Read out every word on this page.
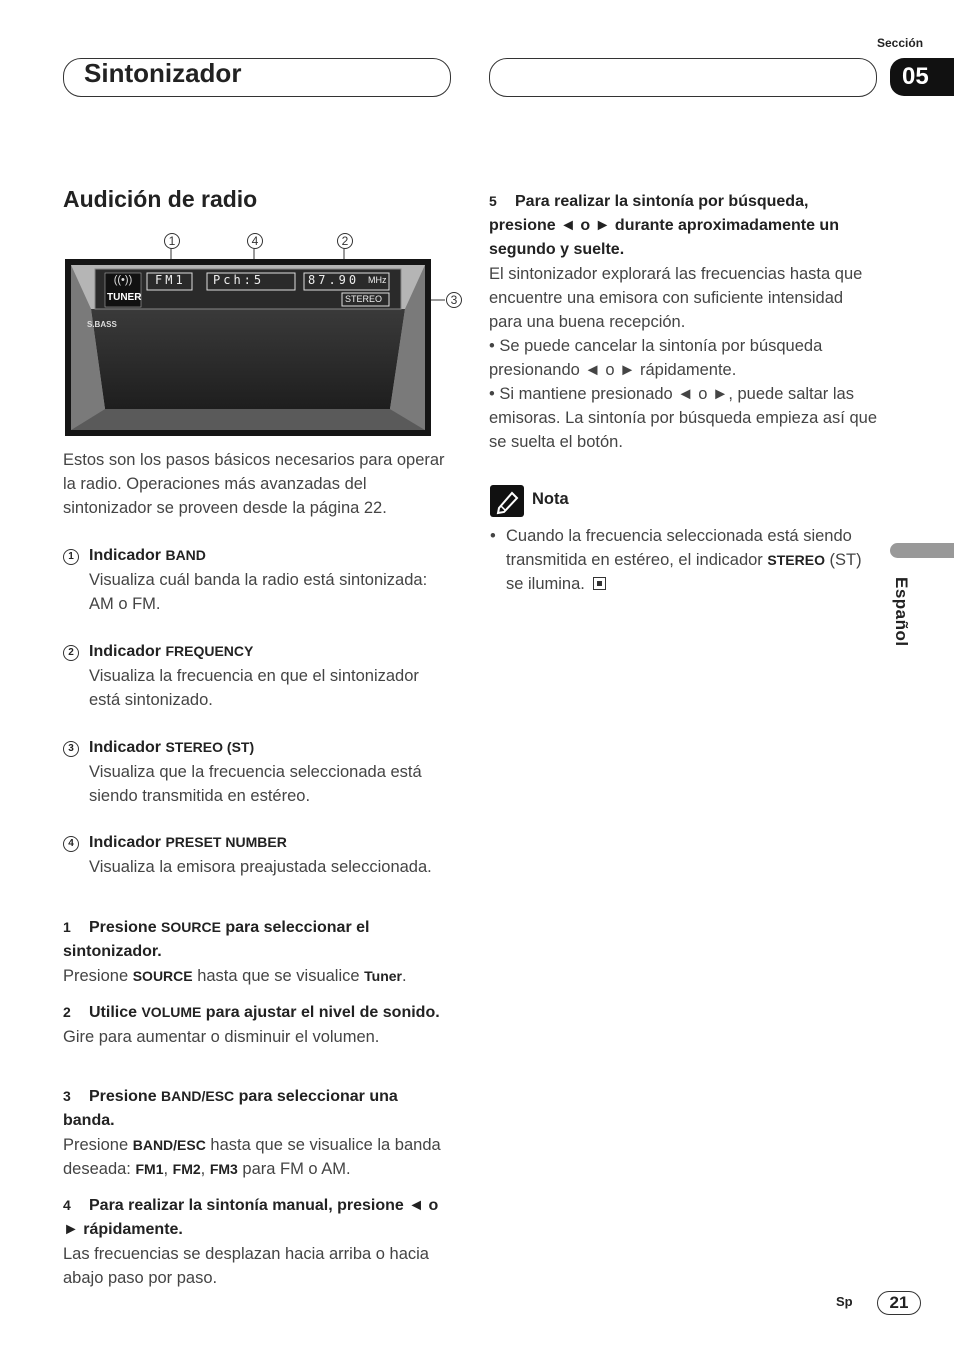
Sección
Sintonizador	05
Audición de radio
1	4	2
3
((•))
TUNER
FM1 Pch:5	87.90 MHz
STEREO
S.BASS
Estos son los pasos básicos necesarios para operar la radio. Operaciones más avanzadas del sintonizador se proveen desde la página 22.
1 Indicador BAND
Visualiza cuál banda la radio está sintonizada: AM o FM.
2 Indicador FREQUENCY
Visualiza la frecuencia en que el sintonizador está sintonizado.
3 Indicador STEREO (ST)
Visualiza que la frecuencia seleccionada está siendo transmitida en estéreo.
4 Indicador PRESET NUMBER
Visualiza la emisora preajustada seleccionada.
1 Presione SOURCE para seleccionar el sintonizador.
Presione SOURCE hasta que se visualice Tuner.
2 Utilice VOLUME para ajustar el nivel de sonido.
Gire para aumentar o disminuir el volumen.
3 Presione BAND/ESC para seleccionar una banda.
Presione BAND/ESC hasta que se visualice la banda deseada: FM1, FM2, FM3 para FM o AM.
4 Para realizar la sintonía manual, presione ◄ o ► rápidamente.
Las frecuencias se desplazan hacia arriba o hacia abajo paso por paso.
5 Para realizar la sintonía por búsqueda, presione ◄ o ► durante aproximadamente un segundo y suelte.
El sintonizador explorará las frecuencias hasta que encuentre una emisora con suficiente intensidad para una buena recepción.
• Se puede cancelar la sintonía por búsqueda presionando ◄ o ► rápidamente.
• Si mantiene presionado ◄ o ►, puede saltar las emisoras. La sintonía por búsqueda empieza así que se suelta el botón.
Nota
• Cuando la frecuencia seleccionada está siendo transmitida en estéreo, el indicador STEREO (ST) se ilumina.	Español
Sp	21
